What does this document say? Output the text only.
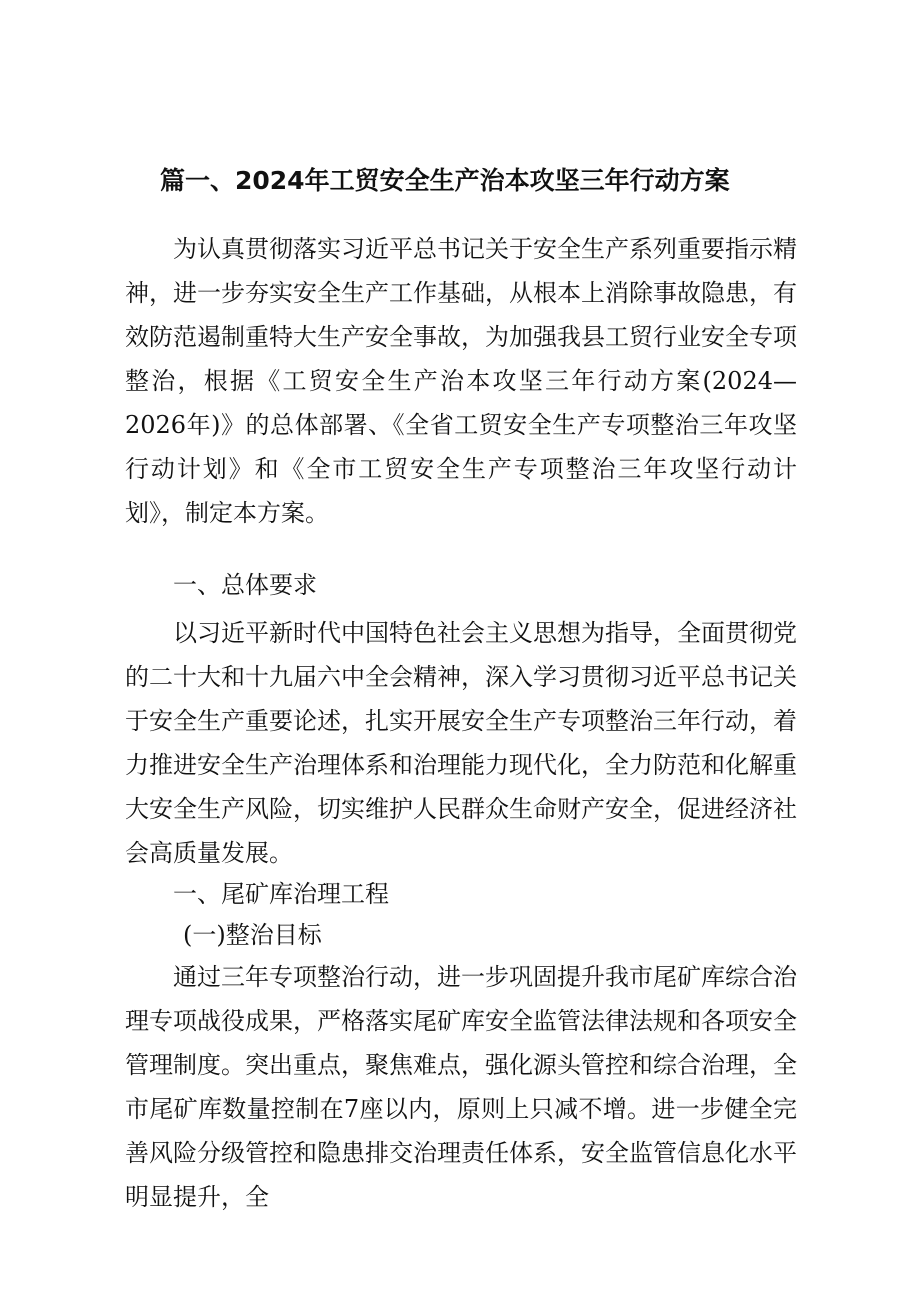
篇一、2024年工贸安全生产治本攻坚三年行动方案

为认真贯彻落实习近平总书记关于安全生产系列重要指示精神，进一步夯实安全生产工作基础，从根本上消除事故隐患，有效防范遏制重特大生产安全事故，为加强我县工贸行业安全专项整治，根据《工贸安全生产治本攻坚三年行动方案(2024—2026年)》的总体部署、《全省工贸安全生产专项整治三年攻坚行动计划》和《全市工贸安全生产专项整治三年攻坚行动计划》，制定本方案。

一、总体要求

以习近平新时代中国特色社会主义思想为指导，全面贯彻党的二十大和十九届六中全会精神，深入学习贯彻习近平总书记关于安全生产重要论述，扎实开展安全生产专项整治三年行动，着力推进安全生产治理体系和治理能力现代化，全力防范和化解重大安全生产风险，切实维护人民群众生命财产安全，促进经济社会高质量发展。

一、尾矿库治理工程
(一)整治目标

通过三年专项整治行动，进一步巩固提升我市尾矿库综合治理专项战役成果，严格落实尾矿库安全监管法律法规和各项安全管理制度。突出重点，聚焦难点，强化源头管控和综合治理，全市尾矿库数量控制在7座以内，原则上只减不增。进一步健全完善风险分级管控和隐患排交治理责任体系，安全监管信息化水平明显提升，全
